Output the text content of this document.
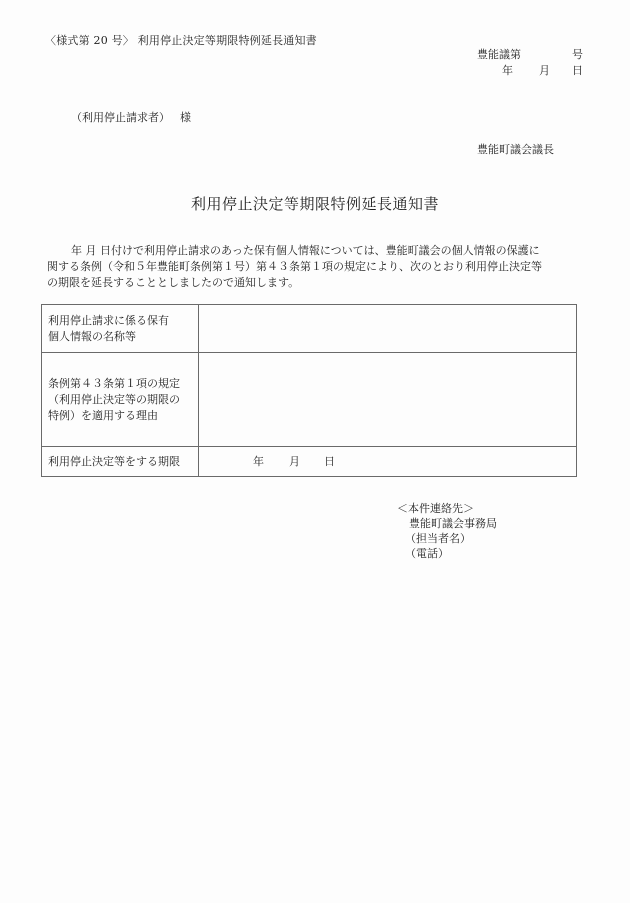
〈様式第 20 号〉 利用停止決定等期限特例延長通知書
豊能議第	号
年 月 日
（利用停止請求者） 様
豊能町議会議長
利用停止決定等期限特例延長通知書
年 月 日付けで利用停止請求のあった保有個人情報については、豊能町議会の個人情報の保護に
関する条例（令和５年豊能町条例第１号）第４３条第１項の規定により、次のとおり利用停止決定等
の期限を延長することとしましたので通知します。
利用停止請求に係る保有
個人情報の名称等	

条例第４３条第１項の規定
（利用停止決定等の期限の
特例）を適用する理由	

利用停止決定等をする期限	年 月 日
＜本件連絡先＞
豊能町議会事務局
（担当者名）
（電話）
